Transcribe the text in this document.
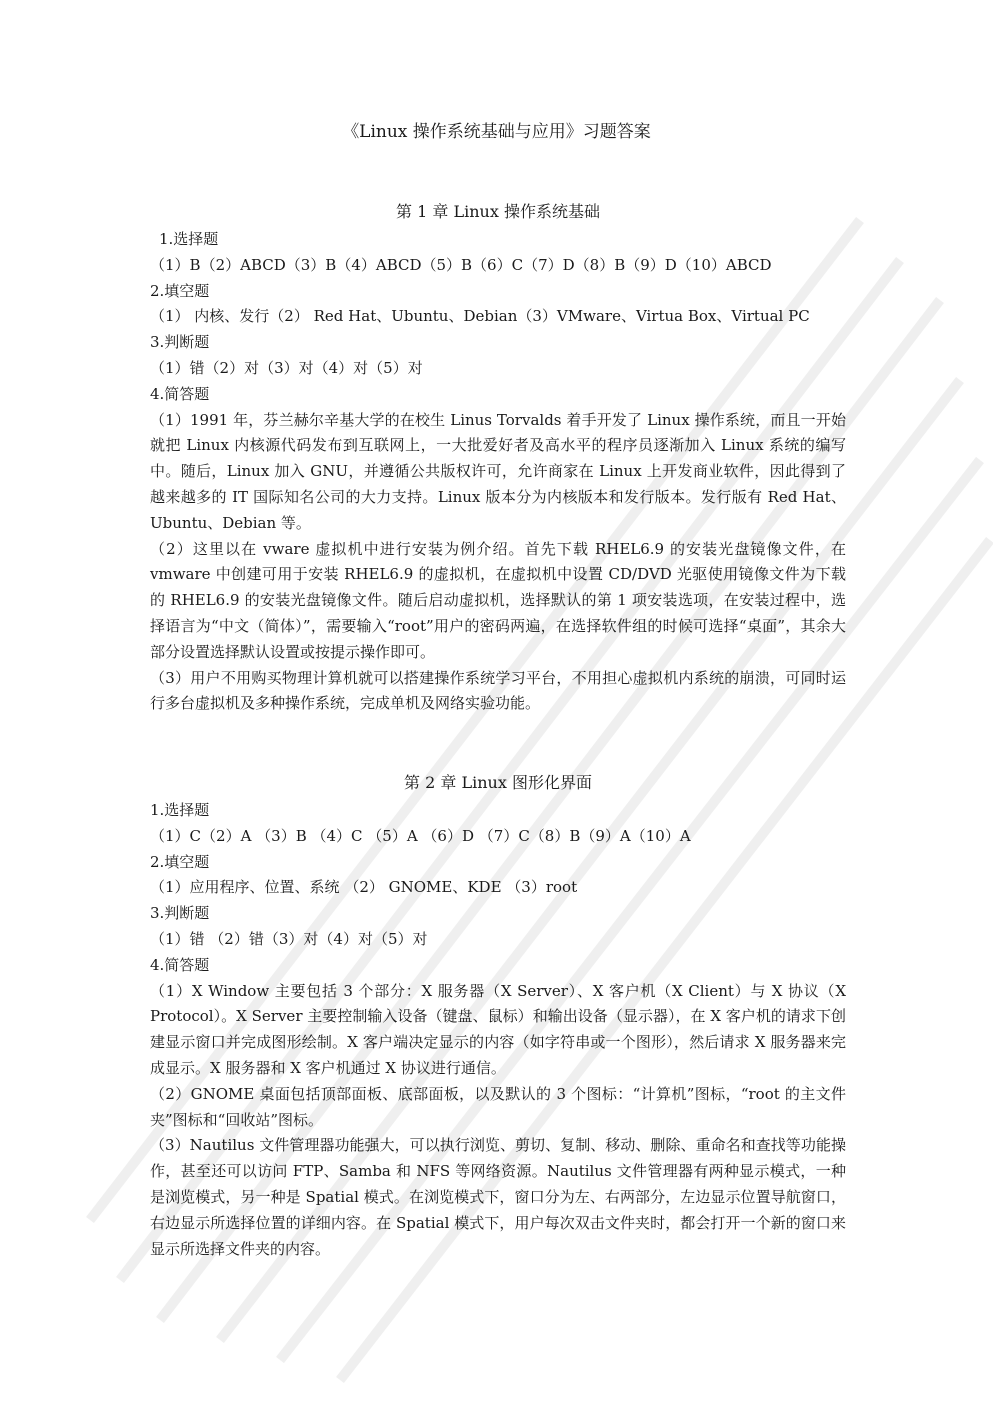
《Linux 操作系统基础与应用》习题答案
第 1 章 Linux 操作系统基础
1.选择题
（1）B（2）ABCD（3）B（4）ABCD（5）B（6）C（7）D（8）B（9）D（10）ABCD
2.填空题
（1） 内核、发行（2） Red Hat、Ubuntu、Debian（3）VMware、Virtua Box、Virtual PC
3.判断题
（1）错（2）对（3）对（4）对（5）对
4.简答题
（1）1991 年，芬兰赫尔辛基大学的在校生 Linus Torvalds 着手开发了 Linux 操作系统，而且一开始就把 Linux 内核源代码发布到互联网上，一大批爱好者及高水平的程序员逐渐加入 Linux 系统的编写中。随后，Linux 加入 GNU，并遵循公共版权许可，允许商家在 Linux 上开发商业软件，因此得到了越来越多的 IT 国际知名公司的大力支持。Linux 版本分为内核版本和发行版本。发行版有 Red Hat、Ubuntu、Debian 等。
（2）这里以在 vware 虚拟机中进行安装为例介绍。首先下载 RHEL6.9 的安装光盘镜像文件，在 vmware 中创建可用于安装 RHEL6.9 的虚拟机，在虚拟机中设置 CD/DVD 光驱使用镜像文件为下载的 RHEL6.9 的安装光盘镜像文件。随后启动虚拟机，选择默认的第 1 项安装选项，在安装过程中，选择语言为“中文（简体）”，需要输入“root”用户的密码两遍，在选择软件组的时候可选择“桌面”，其余大部分设置选择默认设置或按提示操作即可。
（3）用户不用购买物理计算机就可以搭建操作系统学习平台，不用担心虚拟机内系统的崩溃，可同时运行多台虚拟机及多种操作系统，完成单机及网络实验功能。
第 2 章 Linux 图形化界面
1.选择题
（1）C（2）A （3）B （4）C （5）A （6）D （7）C（8）B（9）A（10）A
2.填空题
（1）应用程序、位置、系统 （2） GNOME、KDE （3）root
3.判断题
（1）错 （2）错（3）对（4）对（5）对
4.简答题
（1）X Window 主要包括 3 个部分：X 服务器（X Server）、X 客户机（X Client）与 X 协议（X Protocol）。X Server 主要控制输入设备（键盘、鼠标）和输出设备（显示器），在 X 客户机的请求下创建显示窗口并完成图形绘制。X 客户端决定显示的内容（如字符串或一个图形），然后请求 X 服务器来完成显示。X 服务器和 X 客户机通过 X 协议进行通信。
（2）GNOME 桌面包括顶部面板、底部面板，以及默认的 3 个图标：“计算机”图标，“root 的主文件夹”图标和“回收站”图标。
（3）Nautilus 文件管理器功能强大，可以执行浏览、剪切、复制、移动、删除、重命名和查找等功能操作，甚至还可以访问 FTP、Samba 和 NFS 等网络资源。Nautilus 文件管理器有两种显示模式，一种是浏览模式，另一种是 Spatial 模式。在浏览模式下，窗口分为左、右两部分，左边显示位置导航窗口，右边显示所选择位置的详细内容。在 Spatial 模式下，用户每次双击文件夹时，都会打开一个新的窗口来显示所选择文件夹的内容。
